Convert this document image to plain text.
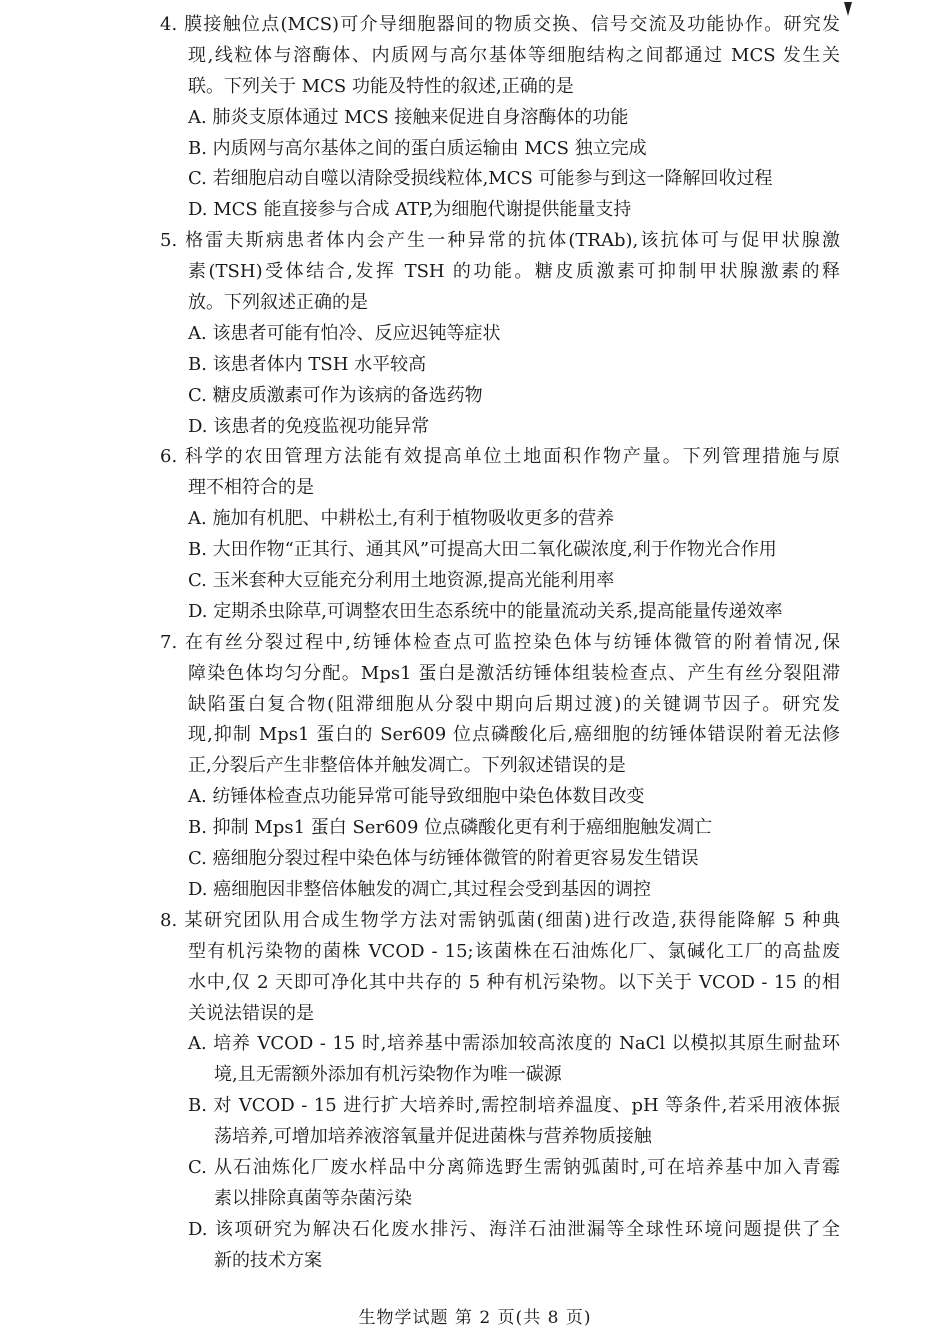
4. 膜接触位点(MCS)可介导细胞器间的物质交换、信号交流及功能协作。研究发
现,线粒体与溶酶体、内质网与高尔基体等细胞结构之间都通过 MCS 发生关
联。下列关于 MCS 功能及特性的叙述,正确的是
A. 肺炎支原体通过 MCS 接触来促进自身溶酶体的功能
B. 内质网与高尔基体之间的蛋白质运输由 MCS 独立完成
C. 若细胞启动自噬以清除受损线粒体,MCS 可能参与到这一降解回收过程
D. MCS 能直接参与合成 ATP,为细胞代谢提供能量支持
5. 格雷夫斯病患者体内会产生一种异常的抗体(TRAb),该抗体可与促甲状腺激
素(TSH)受体结合,发挥 TSH 的功能。糖皮质激素可抑制甲状腺激素的释
放。下列叙述正确的是
A. 该患者可能有怕冷、反应迟钝等症状
B. 该患者体内 TSH 水平较高
C. 糖皮质激素可作为该病的备选药物
D. 该患者的免疫监视功能异常
6. 科学的农田管理方法能有效提高单位土地面积作物产量。下列管理措施与原
理不相符合的是
A. 施加有机肥、中耕松土,有利于植物吸收更多的营养
B. 大田作物“正其行、通其风”可提高大田二氧化碳浓度,利于作物光合作用
C. 玉米套种大豆能充分利用土地资源,提高光能利用率
D. 定期杀虫除草,可调整农田生态系统中的能量流动关系,提高能量传递效率
7. 在有丝分裂过程中,纺锤体检查点可监控染色体与纺锤体微管的附着情况,保
障染色体均匀分配。Mps1 蛋白是激活纺锤体组装检查点、产生有丝分裂阻滞
缺陷蛋白复合物(阻滞细胞从分裂中期向后期过渡)的关键调节因子。研究发
现,抑制 Mps1 蛋白的 Ser609 位点磷酸化后,癌细胞的纺锤体错误附着无法修
正,分裂后产生非整倍体并触发凋亡。下列叙述错误的是
A. 纺锤体检查点功能异常可能导致细胞中染色体数目改变
B. 抑制 Mps1 蛋白 Ser609 位点磷酸化更有利于癌细胞触发凋亡
C. 癌细胞分裂过程中染色体与纺锤体微管的附着更容易发生错误
D. 癌细胞因非整倍体触发的凋亡,其过程会受到基因的调控
8. 某研究团队用合成生物学方法对需钠弧菌(细菌)进行改造,获得能降解 5 种典
型有机污染物的菌株 VCOD - 15;该菌株在石油炼化厂、氯碱化工厂的高盐废
水中,仅 2 天即可净化其中共存的 5 种有机污染物。以下关于 VCOD - 15 的相
关说法错误的是
A. 培养 VCOD - 15 时,培养基中需添加较高浓度的 NaCl 以模拟其原生耐盐环
境,且无需额外添加有机污染物作为唯一碳源
B. 对 VCOD - 15 进行扩大培养时,需控制培养温度、pH 等条件,若采用液体振
荡培养,可增加培养液溶氧量并促进菌株与营养物质接触
C. 从石油炼化厂废水样品中分离筛选野生需钠弧菌时,可在培养基中加入青霉
素以排除真菌等杂菌污染
D. 该项研究为解决石化废水排污、海洋石油泄漏等全球性环境问题提供了全
新的技术方案
生物学试题 第 2 页(共 8 页)
